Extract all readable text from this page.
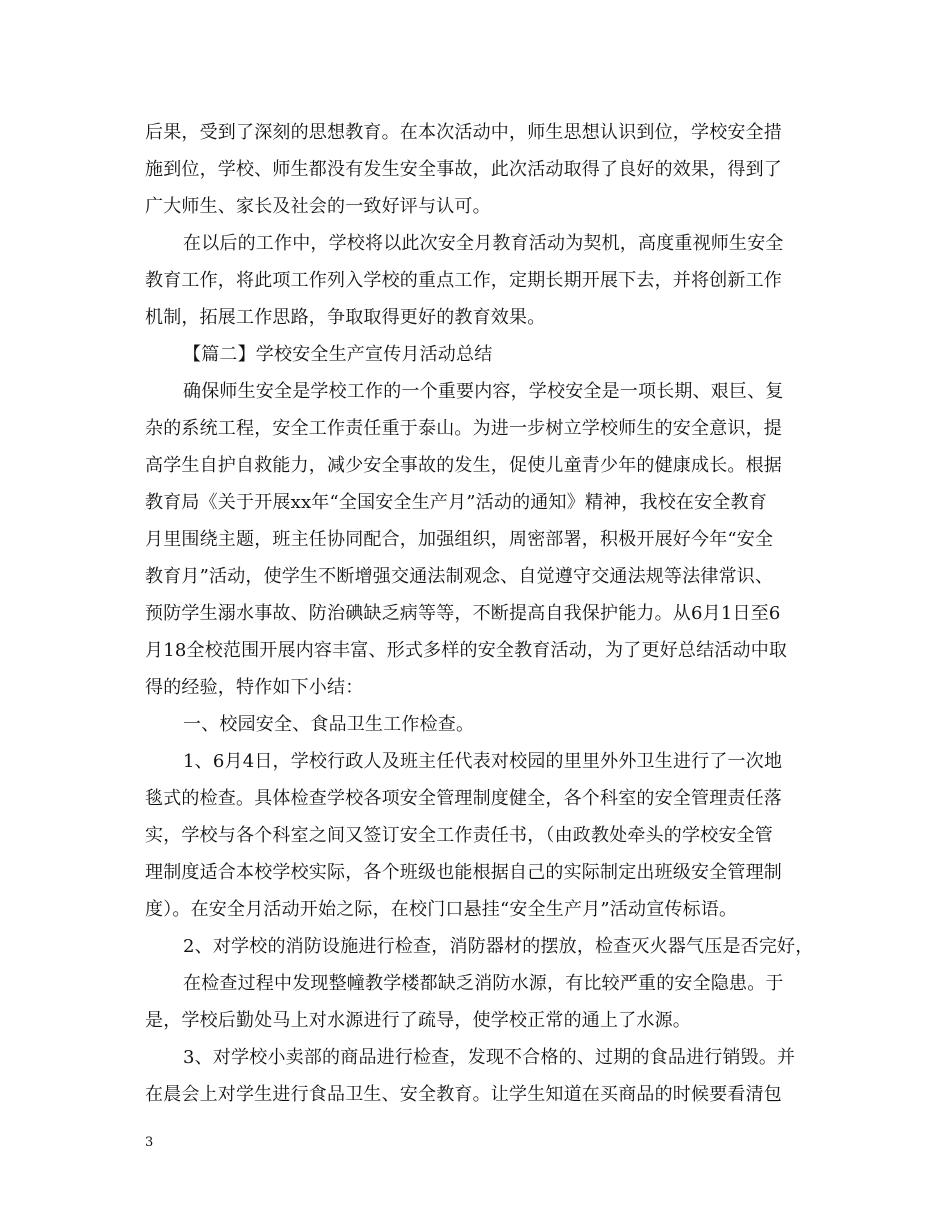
后果，受到了深刻的思想教育。在本次活动中，师生思想认识到位，学校安全措
施到位，学校、师生都没有发生安全事故，此次活动取得了良好的效果，得到了
广大师生、家长及社会的一致好评与认可。
在以后的工作中，学校将以此次安全月教育活动为契机，高度重视师生安全
教育工作，将此项工作列入学校的重点工作，定期长期开展下去，并将创新工作
机制，拓展工作思路，争取取得更好的教育效果。
【篇二】学校安全生产宣传月活动总结
确保师生安全是学校工作的一个重要内容，学校安全是一项长期、艰巨、复
杂的系统工程，安全工作责任重于泰山。为进一步树立学校师生的安全意识，提
高学生自护自救能力，减少安全事故的发生，促使儿童青少年的健康成长。根据
教育局《关于开展xx年“全国安全生产月”活动的通知》精神，我校在安全教育
月里围绕主题，班主任协同配合，加强组织，周密部署，积极开展好今年“安全
教育月”活动，使学生不断增强交通法制观念、自觉遵守交通法规等法律常识、
预防学生溺水事故、防治碘缺乏病等等，不断提高自我保护能力。从6月1日至6
月18全校范围开展内容丰富、形式多样的安全教育活动，为了更好总结活动中取
得的经验，特作如下小结：
一、校园安全、食品卫生工作检查。
1、6月4日，学校行政人及班主任代表对校园的里里外外卫生进行了一次地
毯式的检查。具体检查学校各项安全管理制度健全，各个科室的安全管理责任落
实，学校与各个科室之间又签订安全工作责任书，（由政教处牵头的学校安全管
理制度适合本校学校实际，各个班级也能根据自己的实际制定出班级安全管理制
度）。在安全月活动开始之际，在校门口悬挂“安全生产月”活动宣传标语。
2、对学校的消防设施进行检查，消防器材的摆放，检查灭火器气压是否完好，
在检查过程中发现整幢教学楼都缺乏消防水源，有比较严重的安全隐患。于
是，学校后勤处马上对水源进行了疏导，使学校正常的通上了水源。
3、对学校小卖部的商品进行检查，发现不合格的、过期的食品进行销毁。并
在晨会上对学生进行食品卫生、安全教育。让学生知道在买商品的时候要看清包
3
